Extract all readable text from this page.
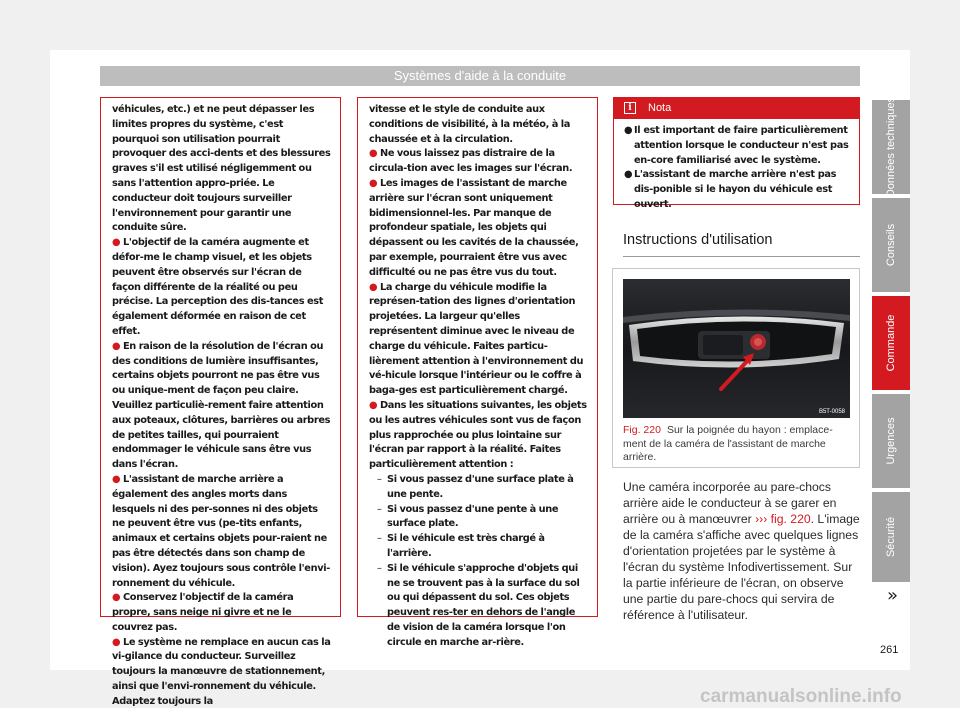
Systèmes d'aide à la conduite

véhicules, etc.) et ne peut dépasser les limites propres du système, c'est pourquoi son utilisation pourrait provoquer des acci-dents et des blessures graves s'il est utilisé négligemment ou sans l'attention appro-priée. Le conducteur doit toujours surveiller l'environnement pour garantir une conduite sûre.

● L'objectif de la caméra augmente et défor-me le champ visuel, et les objets peuvent être observés sur l'écran de façon différente de la réalité ou peu précise. La perception des dis-tances est également déformée en raison de cet effet.

● En raison de la résolution de l'écran ou des conditions de lumière insuffisantes, certains objets pourront ne pas être vus ou unique-ment de façon peu claire. Veuillez particuliè-rement faire attention aux poteaux, clôtures, barrières ou arbres de petites tailles, qui pourraient endommager le véhicule sans être vus dans l'écran.

● L'assistant de marche arrière a également des angles morts dans lesquels ni des per-sonnes ni des objets ne peuvent être vus (pe-tits enfants, animaux et certains objets pour-raient ne pas être détectés dans son champ de vision). Ayez toujours sous contrôle l'envi-ronnement du véhicule.

● Conservez l'objectif de la caméra propre, sans neige ni givre et ne le couvrez pas.

● Le système ne remplace en aucun cas la vi-gilance du conducteur. Surveillez toujours la manœuvre de stationnement, ainsi que l'envi-ronnement du véhicule. Adaptez toujours la

vitesse et le style de conduite aux conditions de visibilité, à la météo, à la chaussée et à la circulation.

● Ne vous laissez pas distraire de la circula-tion avec les images sur l'écran.

● Les images de l'assistant de marche arrière sur l'écran sont uniquement bidimensionnel-les. Par manque de profondeur spatiale, les objets qui dépassent ou les cavités de la chaussée, par exemple, pourraient être vus avec difficulté ou ne pas être vus du tout.

● La charge du véhicule modifie la représen-tation des lignes d'orientation projetées. La largeur qu'elles représentent diminue avec le niveau de charge du véhicule. Faites particu-lièrement attention à l'environnement du vé-hicule lorsque l'intérieur ou le coffre à baga-ges est particulièrement chargé.

● Dans les situations suivantes, les objets ou les autres véhicules sont vus de façon plus rapprochée ou plus lointaine sur l'écran par rapport à la réalité. Faites particulièrement attention :

– Si vous passez d'une surface plate à une pente.
– Si vous passez d'une pente à une surface plate.
– Si le véhicule est très chargé à l'arrière.
– Si le véhicule s'approche d'objets qui ne se trouvent pas à la surface du sol ou qui dépassent du sol. Ces objets peuvent res-ter en dehors de l'angle de vision de la caméra lorsque l'on circule en marche ar-rière.
i	Nota
● Il est important de faire particulièrement attention lorsque le conducteur n'est pas en-core familiarisé avec le système.
● L'assistant de marche arrière n'est pas dis-ponible si le hayon du véhicule est ouvert.
Instructions d'utilisation
B5T-0058
Fig. 220 Sur la poignée du hayon : emplace-ment de la caméra de l'assistant de marche arrière.
Une caméra incorporée au pare-chocs arrière aide le conducteur à se garer en arrière ou à manœuvrer ››› fig. 220. L'image de la caméra s'affiche avec quelques lignes d'orientation projetées par le système à l'écran du système Infodivertissement. Sur la partie inférieure de l'écran, on observe une partie du pare-chocs qui servira de référence à l'utilisateur.
»
261
Données techniques
Conseils
Commande
Urgences
Sécurité
carmanualsonline.info
